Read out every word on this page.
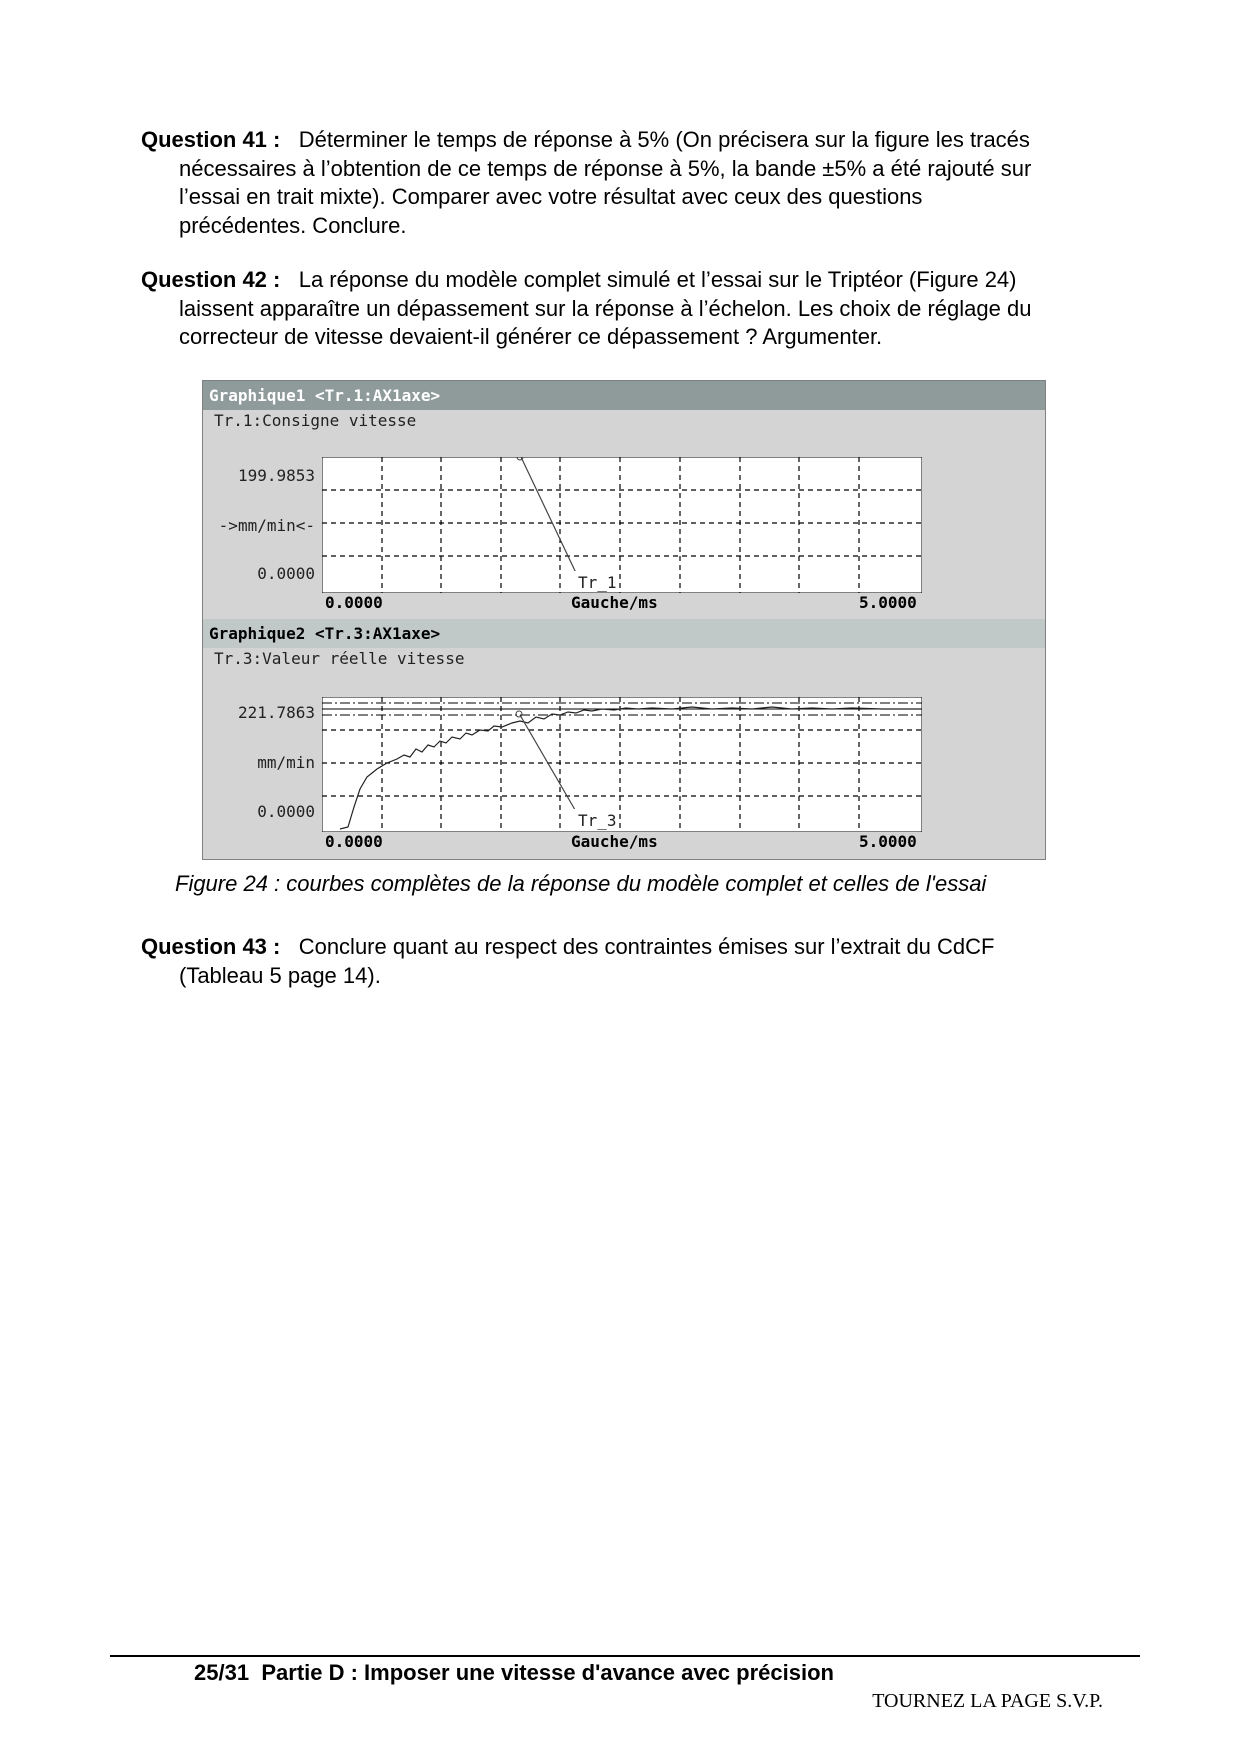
Question 41 : Déterminer le temps de réponse à 5% (On précisera sur la figure les tracés
nécessaires à l’obtention de ce temps de réponse à 5%, la bande ±5% a été rajouté sur
l’essai en trait mixte). Comparer avec votre résultat avec ceux des questions
précédentes. Conclure.
Question 42 : La réponse du modèle complet simulé et l’essai sur le Triptéor (Figure 24)
laissent apparaître un dépassement sur la réponse à l’échelon. Les choix de réglage du
correcteur de vitesse devaient-il générer ce dépassement ? Argumenter.
Graphique1 <Tr.1:AX1axe>
Tr.1:Consigne vitesse
199.9853
->mm/min<-
0.0000
0.0000	Gauche/ms	5.0000
Tr_1
Graphique2 <Tr.3:AX1axe>
Tr.3:Valeur réelle vitesse
221.7863
mm/min
0.0000
0.0000	Gauche/ms	5.0000
Tr_3
Figure 24 : courbes complètes de la réponse du modèle complet et celles de l'essai
Question 43 : Conclure quant au respect des contraintes émises sur l’extrait du CdCF
(Tableau 5 page 14).
25/31 Partie D : Imposer une vitesse d'avance avec précision
TOURNEZ LA PAGE S.V.P.
